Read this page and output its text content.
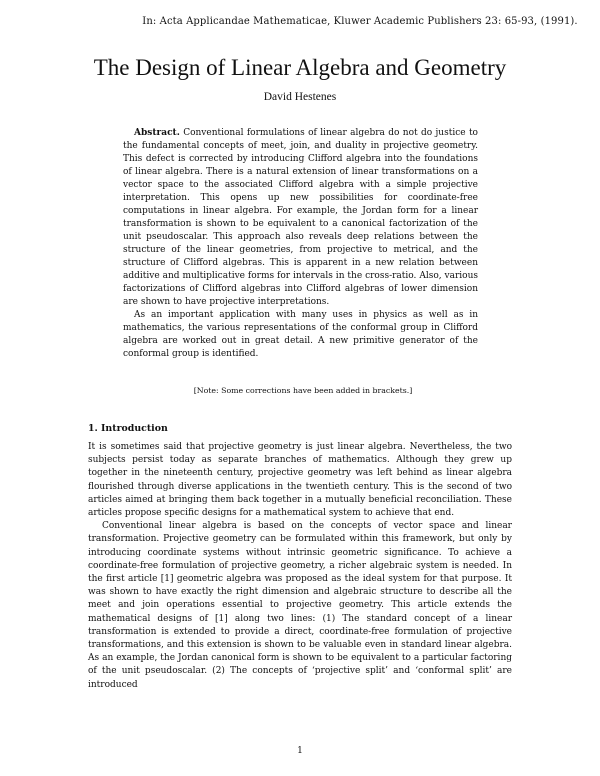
In: Acta Applicandae Mathematicae, Kluwer Academic Publishers 23: 65-93, (1991).
The Design of Linear Algebra and Geometry
David Hestenes

Abstract. Conventional formulations of linear algebra do not do justice to the fundamental concepts of meet, join, and duality in projective geometry. This defect is corrected by introducing Clifford algebra into the foundations of linear algebra. There is a natural extension of linear transformations on a vector space to the associated Clifford algebra with a simple projective interpretation. This opens up new possibilities for coordinate-free computations in linear algebra. For example, the Jordan form for a linear transformation is shown to be equivalent to a canonical factorization of the unit pseudoscalar. This approach also reveals deep relations between the structure of the linear geometries, from projective to metrical, and the structure of Clifford algebras. This is apparent in a new relation between additive and multiplicative forms for intervals in the cross-ratio. Also, various factorizations of Clifford algebras into Clifford algebras of lower dimension are shown to have projective interpretations.

As an important application with many uses in physics as well as in mathematics, the various representations of the conformal group in Clifford algebra are worked out in great detail. A new primitive generator of the conformal group is identified.

[Note: Some corrections have been added in brackets.]
1. Introduction

It is sometimes said that projective geometry is just linear algebra. Nevertheless, the two subjects persist today as separate branches of mathematics. Although they grew up together in the nineteenth century, projective geometry was left behind as linear algebra flourished through diverse applications in the twentieth century. This is the second of two articles aimed at bringing them back together in a mutually beneficial reconciliation. These articles propose specific designs for a mathematical system to achieve that end.

Conventional linear algebra is based on the concepts of vector space and linear transformation. Projective geometry can be formulated within this framework, but only by introducing coordinate systems without intrinsic geometric significance. To achieve a coordinate-free formulation of projective geometry, a richer algebraic system is needed. In the first article [1] geometric algebra was proposed as the ideal system for that purpose. It was shown to have exactly the right dimension and algebraic structure to describe all the meet and join operations essential to projective geometry. This article extends the mathematical designs of [1] along two lines: (1) The standard concept of a linear transformation is extended to provide a direct, coordinate-free formulation of projective transformations, and this extension is shown to be valuable even in standard linear algebra. As an example, the Jordan canonical form is shown to be equivalent to a particular factoring of the unit pseudoscalar. (2) The concepts of ‘projective split’ and ‘conformal split’ are introduced

1
